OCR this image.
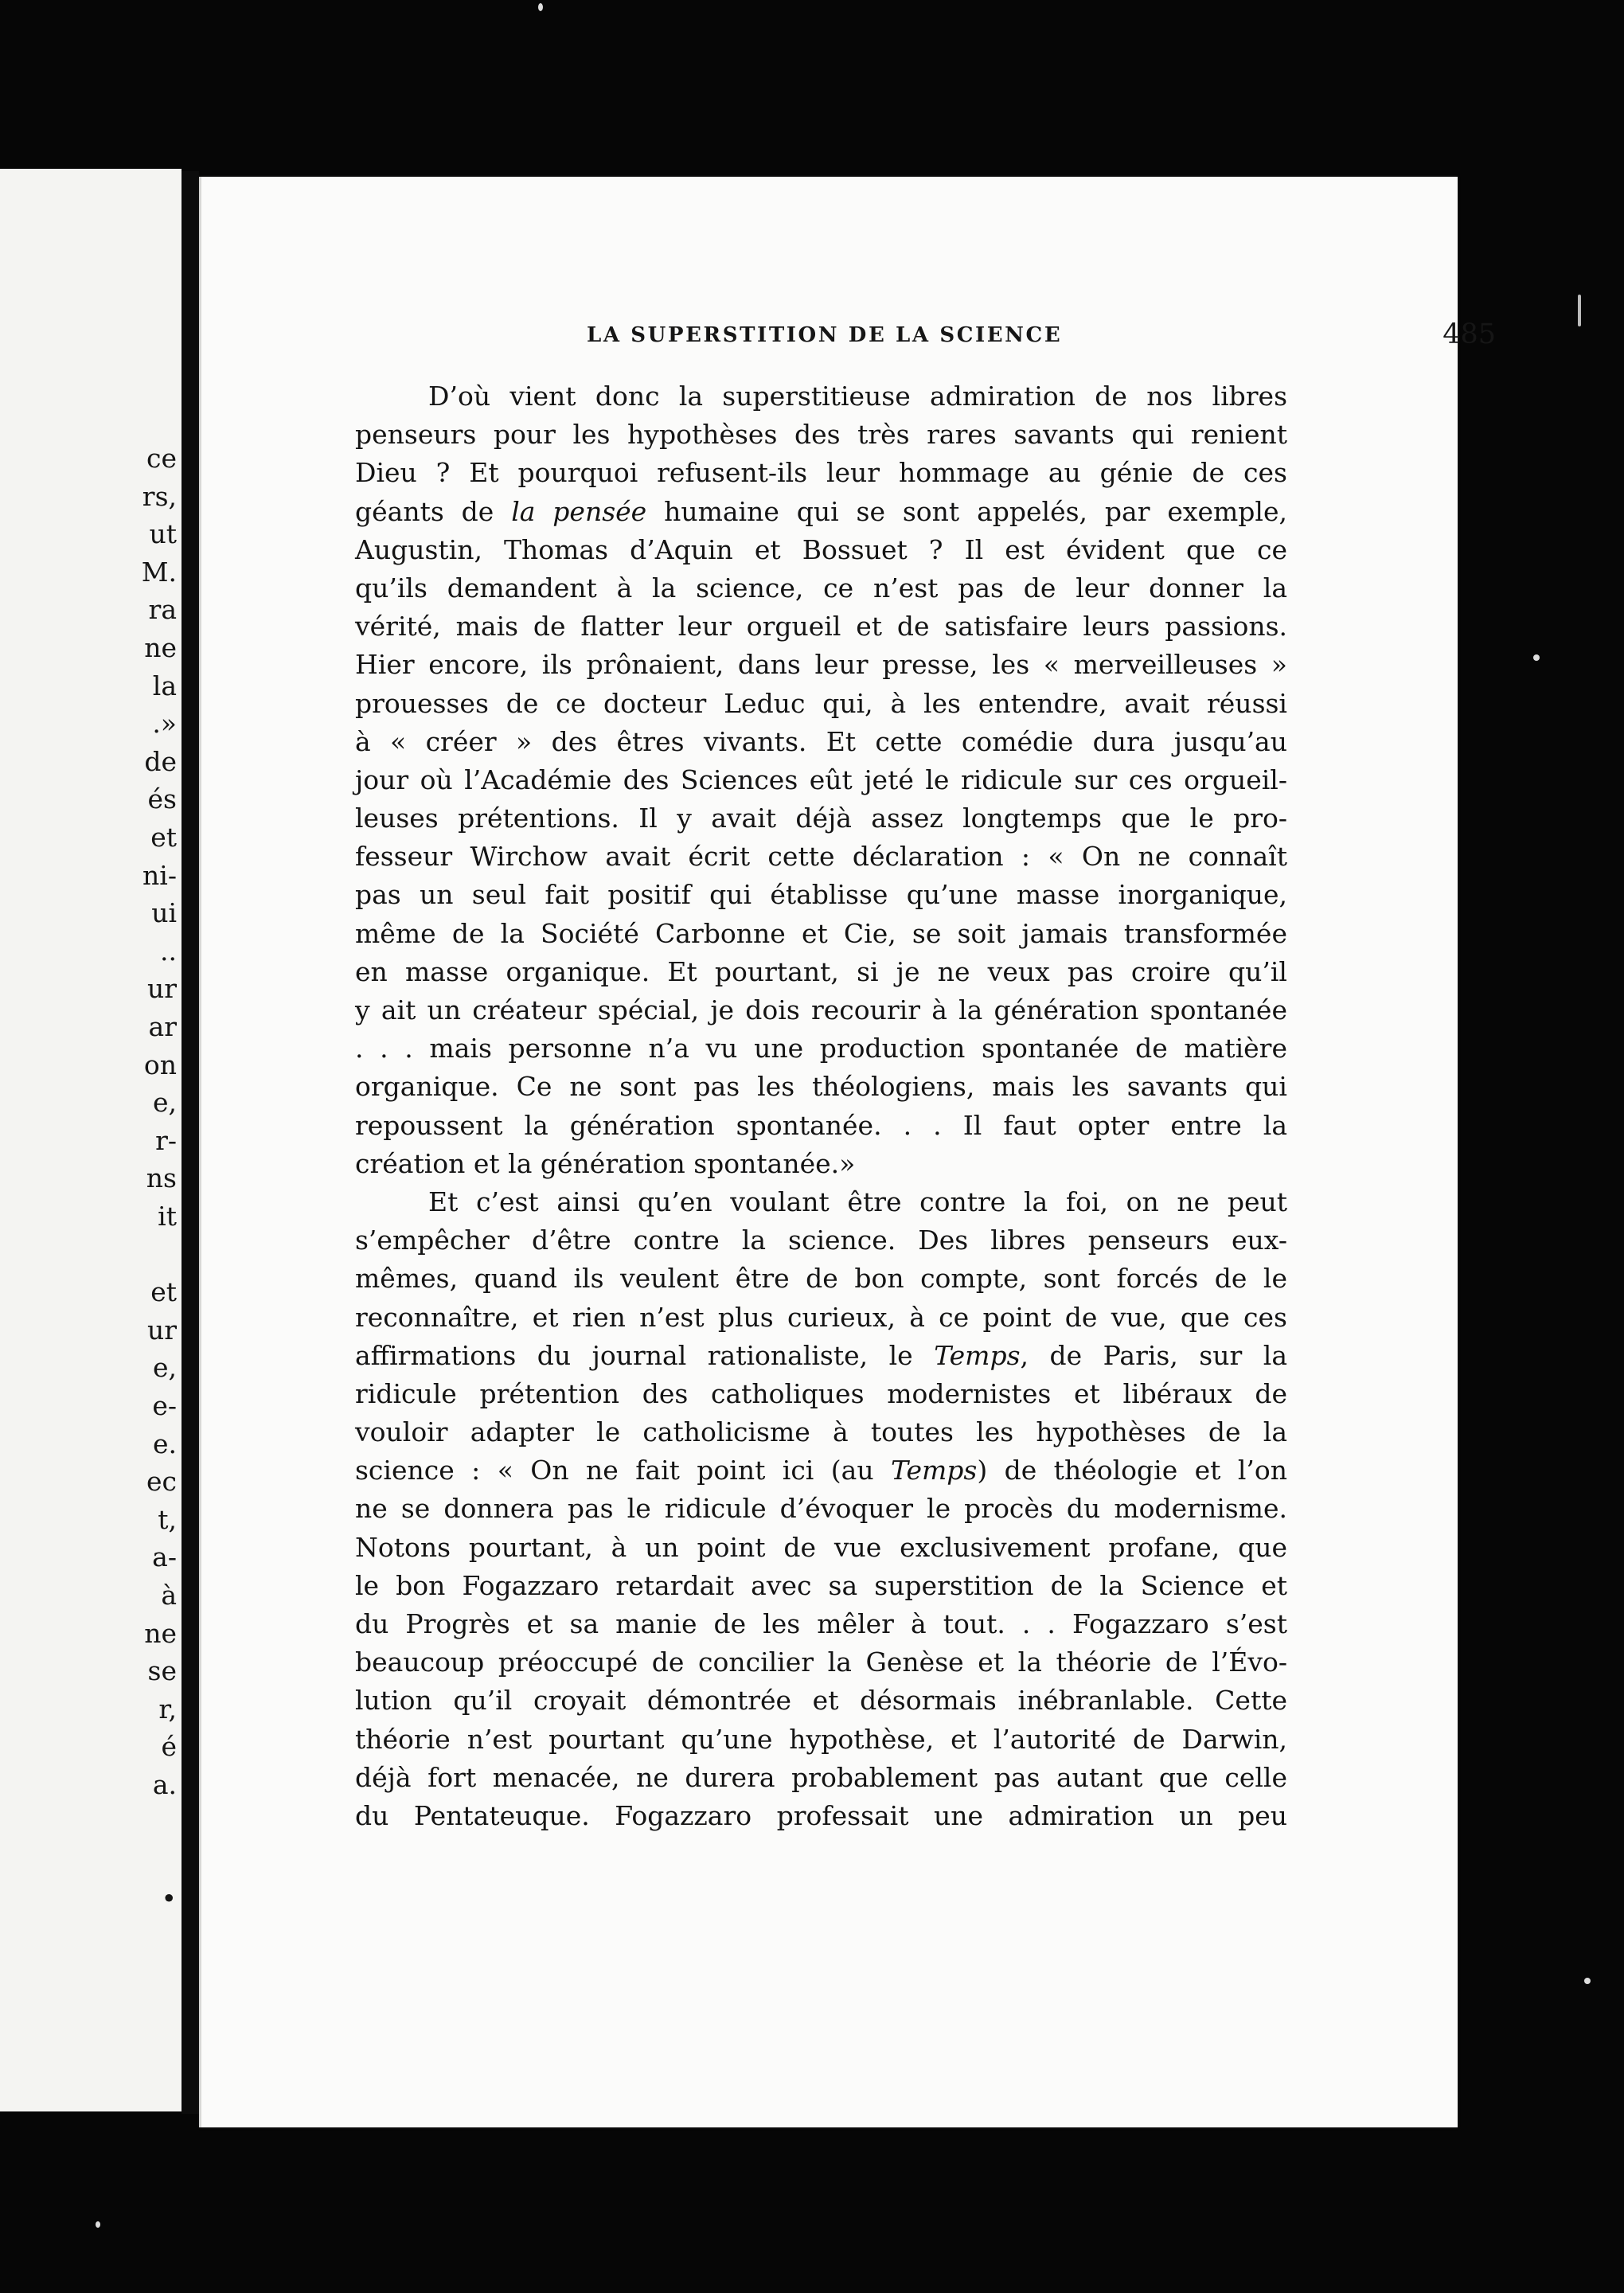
ce
rs,
ut
M.
ra
ne
la
.»
de
és
et
ni-
ui
..
ur
ar
on
e,
r-
ns
it
et
ur
e,
e-
e.
ec
t,
a-
à
ne
se
r,
é
a.
•
LA SUPERSTITION DE LA SCIENCE	485
D’où vient donc la superstitieuse admiration de nos libres
penseurs pour les hypothèses des très rares savants qui renient
Dieu ? Et pourquoi refusent-ils leur hommage au génie de ces
géants de la pensée humaine qui se sont appelés, par exemple,
Augustin, Thomas d’Aquin et Bossuet ? Il est évident que ce
qu’ils demandent à la science, ce n’est pas de leur donner la
vérité, mais de flatter leur orgueil et de satisfaire leurs passions.
Hier encore, ils prônaient, dans leur presse, les « merveilleuses »
prouesses de ce docteur Leduc qui, à les entendre, avait réussi
à « créer » des êtres vivants. Et cette comédie dura jusqu’au
jour où l’Académie des Sciences eût jeté le ridicule sur ces orgueil-
leuses prétentions. Il y avait déjà assez longtemps que le pro-
fesseur Wirchow avait écrit cette déclaration : « On ne connaît
pas un seul fait positif qui établisse qu’une masse inorganique,
même de la Société Carbonne et Cie, se soit jamais transformée
en masse organique. Et pourtant, si je ne veux pas croire qu’il
y ait un créateur spécial, je dois recourir à la génération spontanée
. . . mais personne n’a vu une production spontanée de matière
organique. Ce ne sont pas les théologiens, mais les savants qui
repoussent la génération spontanée. . . Il faut opter entre la
création et la génération spontanée.»
Et c’est ainsi qu’en voulant être contre la foi, on ne peut
s’empêcher d’être contre la science. Des libres penseurs eux-
mêmes, quand ils veulent être de bon compte, sont forcés de le
reconnaître, et rien n’est plus curieux, à ce point de vue, que ces
affirmations du journal rationaliste, le Temps, de Paris, sur la
ridicule prétention des catholiques modernistes et libéraux de
vouloir adapter le catholicisme à toutes les hypothèses de la
science : « On ne fait point ici (au Temps) de théologie et l’on
ne se donnera pas le ridicule d’évoquer le procès du modernisme.
Notons pourtant, à un point de vue exclusivement profane, que
le bon Fogazzaro retardait avec sa superstition de la Science et
du Progrès et sa manie de les mêler à tout. . . Fogazzaro s’est
beaucoup préoccupé de concilier la Genèse et la théorie de l’Évo-
lution qu’il croyait démontrée et désormais inébranlable. Cette
théorie n’est pourtant qu’une hypothèse, et l’autorité de Darwin,
déjà fort menacée, ne durera probablement pas autant que celle
du Pentateuque. Fogazzaro professait une admiration un peu
